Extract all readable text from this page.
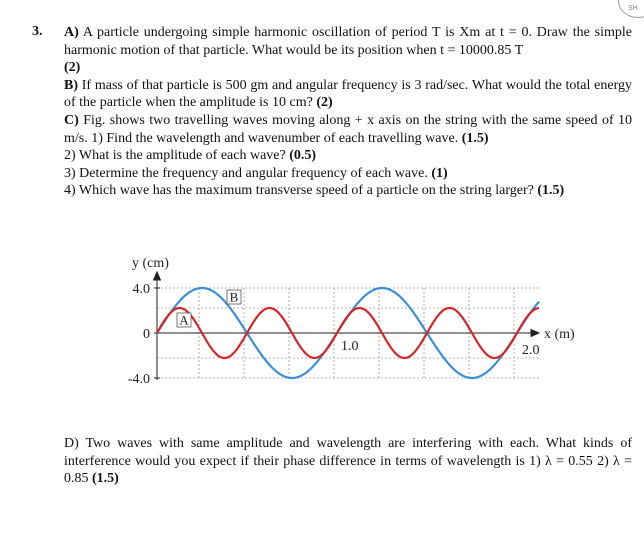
SH
3. A) A particle undergoing simple harmonic oscillation of period T is Xm at t = 0. Draw the simple harmonic motion of that particle. What would be its position when t = 10000.85 T
(2)

B) If mass of that particle is 500 gm and angular frequency is 3 rad/sec. What would the total energy of the particle when the amplitude is 10 cm? (2)

C) Fig. shows two travelling waves moving along + x axis on the string with the same speed of 10 m/s. 1) Find the wavelength and wavenumber of each travelling wave. (1.5)

2) What is the amplitude of each wave? (0.5)

3) Determine the frequency and angular frequency of each wave. (1)

4) Which wave has the maximum transverse speed of a particle on the string larger? (1.5)

A
B
y (cm)
4.0
0
-4.0
1.0	2.0
x (m)

D) Two waves with same amplitude and wavelength are interfering with each. What kinds of interference would you expect if their phase difference in terms of wavelength is 1) λ = 0.55 2) λ = 0.85 (1.5)
